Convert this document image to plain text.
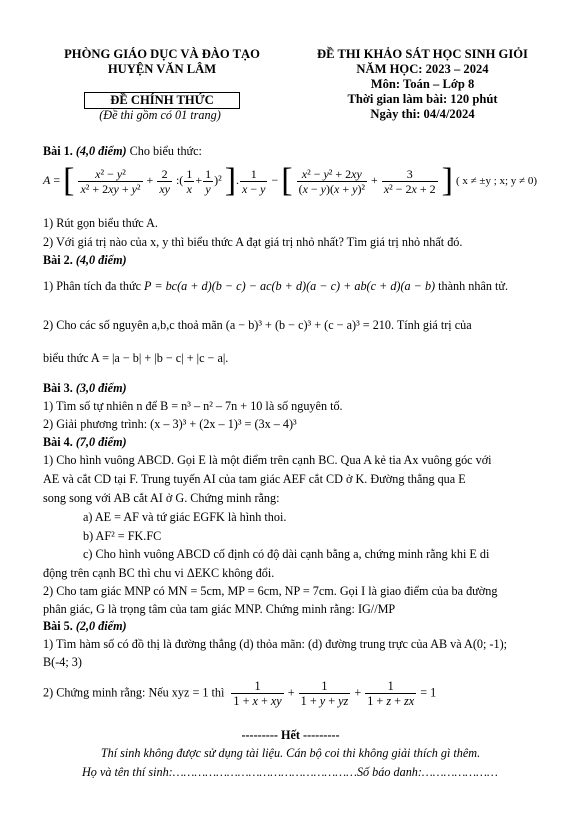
PHÒNG GIÁO DỤC VÀ ĐÀO TẠO
HUYỆN VĂN LÂM
ĐỀ CHÍNH THỨC
(Đề thi gồm có 01 trang)
ĐỀ THI KHẢO SÁT HỌC SINH GIỎI
NĂM HỌC: 2023 – 2024
Môn: Toán – Lớp 8
Thời gian làm bài: 120 phút
Ngày thi: 04/4/2024
Bài 1. (4,0 điểm) Cho biểu thức:
A = [ $\frac{\text{x² − y²}}{\text{x² + 2xy + y²}} + \frac{2}{xy}$ :( $\frac{1}{x} + \frac{1}{y} )^2$ ]. $\frac{1}{x - y}$ − [ $\frac{\text{x² − y² + 2xy}}{\text{(x − y)(x + y)²}} + \frac{3}{\text{x² − 2x + 2}}$ ] ( x ≠ ±y ; x; y ≠ 0)
1) Rút gọn biểu thức A.
2) Với giá trị nào của x, y thì biểu thức A đạt giá trị nhỏ nhất? Tìm giá trị nhỏ nhất đó.
Bài 2. (4,0 điểm)
1) Phân tích đa thức P = bc(a + d)(b − c) − ac(b + d)(a − c) + ab(c + d)(a − b) thành nhân tử.
2) Cho các số nguyên a,b,c thoả mãn (a − b)³ + (b − c)³ + (c − a)³ = 210. Tính giá trị của
biểu thức A = |a − b| + |b − c| + |c − a|.
Bài 3. (3,0 điểm)
1) Tìm số tự nhiên n để B = n³ – n² – 7n + 10 là số nguyên tố.
2) Giải phương trình: (x – 3)³ + (2x – 1)³ = (3x – 4)³
Bài 4. (7,0 điểm)
1) Cho hình vuông ABCD. Gọi E là một điểm trên cạnh BC. Qua A kẻ tia Ax vuông góc với
AE và cắt CD tại F. Trung tuyến AI của tam giác AEF cắt CD ở K. Đường thẳng qua E
song song với AB cắt AI ở G. Chứng minh rằng:
a) AE = AF và tứ giác EGFK là hình thoi.
b) AF² = FK.FC
c) Cho hình vuông ABCD cố định có độ dài cạnh bằng a, chứng minh rằng khi E di
động trên cạnh BC thì chu vi ΔEKC không đổi.
2) Cho tam giác MNP có MN = 5cm, MP = 6cm, NP = 7cm. Gọi I là giao điểm của ba đường
phân giác, G là trọng tâm của tam giác MNP. Chứng minh rằng: IG//MP
Bài 5. (2,0 điểm)
1) Tìm hàm số có đồ thị là đường thẳng (d) thỏa mãn: (d) đường trung trực của AB và A(0; -1);
B(-4; 3)
2) Chứng minh rằng: Nếu xyz = 1 thì $\frac{1}{1 + x + xy} + \frac{1}{1 + y + yz} + \frac{1}{1 + z + zx} = 1$
--------- Hết ---------
Thí sinh không được sử dụng tài liệu. Cán bộ coi thi không giải thích gì thêm.
Họ và tên thí sinh:……………………………………………Số báo danh:…………………
